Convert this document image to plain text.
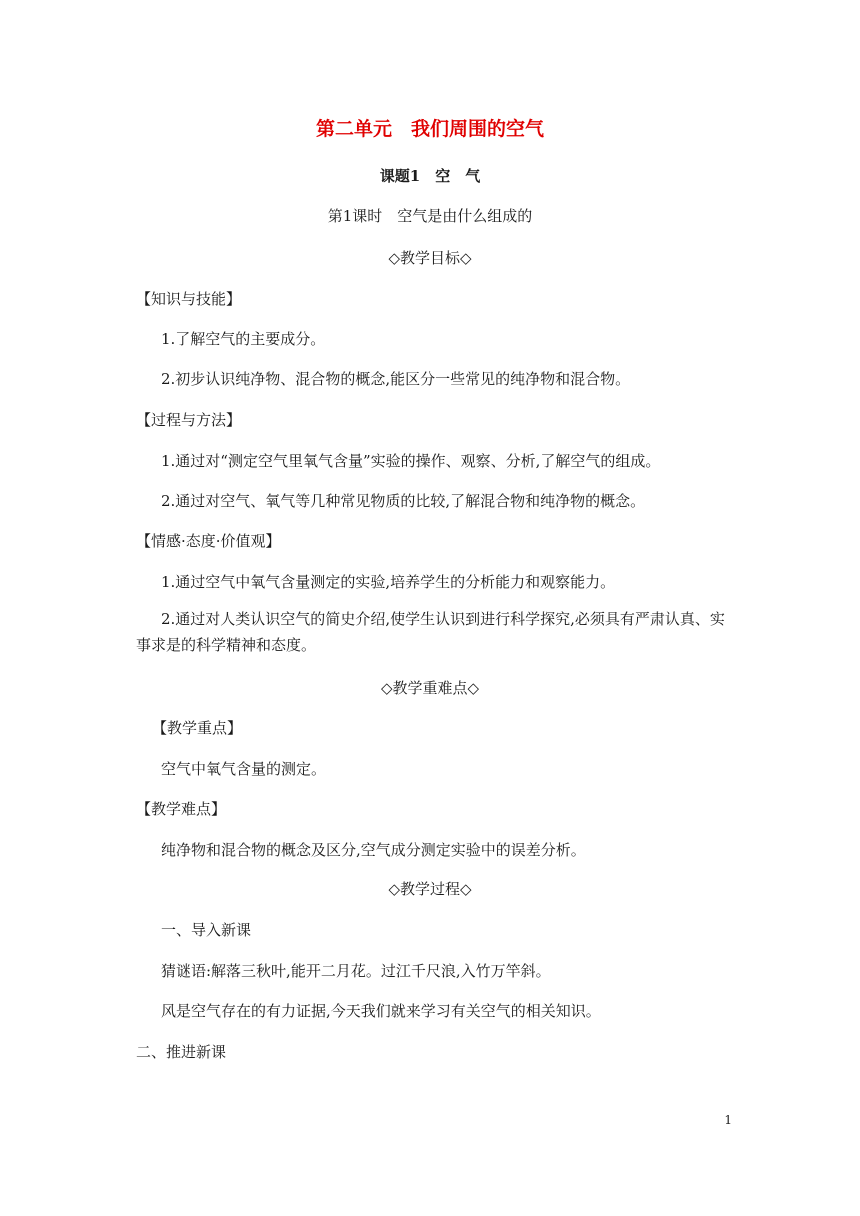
第二单元　我们周围的空气
课题1　空　气
第1课时　空气是由什么组成的
◇教学目标◇
【知识与技能】
1.了解空气的主要成分。
2.初步认识纯净物、混合物的概念,能区分一些常见的纯净物和混合物。
【过程与方法】
1.通过对“测定空气里氧气含量”实验的操作、观察、分析,了解空气的组成。
2.通过对空气、氧气等几种常见物质的比较,了解混合物和纯净物的概念。
【情感·态度·价值观】
1.通过空气中氧气含量测定的实验,培养学生的分析能力和观察能力。
2.通过对人类认识空气的简史介绍,使学生认识到进行科学探究,必须具有严肃认真、实事求是的科学精神和态度。
◇教学重难点◇
【教学重点】
空气中氧气含量的测定。
【教学难点】
纯净物和混合物的概念及区分,空气成分测定实验中的误差分析。
◇教学过程◇
一、导入新课
猜谜语:解落三秋叶,能开二月花。过江千尺浪,入竹万竿斜。
风是空气存在的有力证据,今天我们就来学习有关空气的相关知识。
二、推进新课
1
